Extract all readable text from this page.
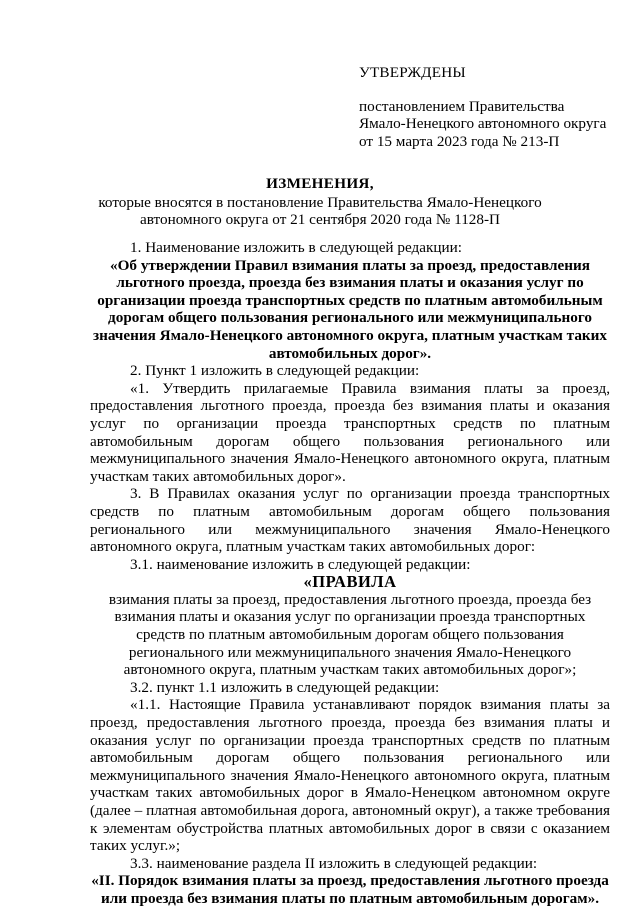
УТВЕРЖДЕНЫ
постановлением Правительства
Ямало-Ненецкого автономного округа
от 15 марта 2023 года № 213-П
ИЗМЕНЕНИЯ,
которые вносятся в постановление Правительства Ямало-Ненецкого
автономного округа от 21 сентября 2020 года № 1128-П

1. Наименование изложить в следующей редакции:

«Об утверждении Правил взимания платы за проезд, предоставления льготного проезда, проезда без взимания платы и оказания услуг по организации проезда транспортных средств по платным автомобильным дорогам общего пользования регионального или межмуниципального значения Ямало-Ненецкого автономного округа, платным участкам таких автомобильных дорог».

2. Пункт 1 изложить в следующей редакции:

«1. Утвердить прилагаемые Правила взимания платы за проезд, предоставления льготного проезда, проезда без взимания платы и оказания услуг по организации проезда транспортных средств по платным автомобильным дорогам общего пользования регионального или межмуниципального значения Ямало-Ненецкого автономного округа, платным участкам таких автомобильных дорог».

3. В Правилах оказания услуг по организации проезда транспортных средств по платным автомобильным дорогам общего пользования регионального или межмуниципального значения Ямало-Ненецкого автономного округа, платным участкам таких автомобильных дорог:

3.1. наименование изложить в следующей редакции:

«ПРАВИЛА

взимания платы за проезд, предоставления льготного проезда, проезда без

взимания платы и оказания услуг по организации проезда транспортных

средств по платным автомобильным дорогам общего пользования

регионального или межмуниципального значения Ямало-Ненецкого

автономного округа, платным участкам таких автомобильных дорог»;

3.2. пункт 1.1 изложить в следующей редакции:

«1.1. Настоящие Правила устанавливают порядок взимания платы за проезд, предоставления льготного проезда, проезда без взимания платы и оказания услуг по организации проезда транспортных средств по платным автомобильным дорогам общего пользования регионального или межмуниципального значения Ямало-Ненецкого автономного округа, платным участкам таких автомобильных дорог в Ямало-Ненецком автономном округе (далее – платная автомобильная дорога, автономный округ), а также требования к элементам обустройства платных автомобильных дорог в связи с оказанием таких услуг.»;

3.3. наименование раздела II изложить в следующей редакции:

«II. Порядок взимания платы за проезд, предоставления льготного проезда

или проезда без взимания платы по платным автомобильным дорогам».
